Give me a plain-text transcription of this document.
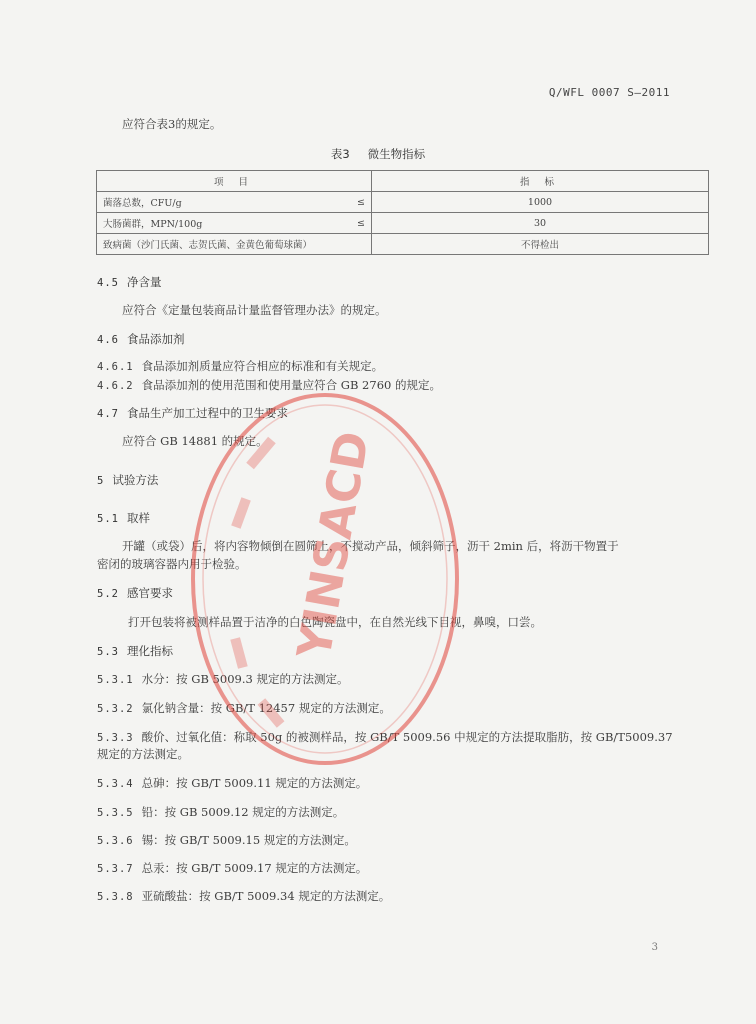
Q/WFL 0007 S—2011
应符合表3的规定。
表3 微生物指标
项 目	指 标

菌落总数，CFU/g ≤	1000

大肠菌群，MPN/100g ≤	30

致病菌（沙门氏菌、志贺氏菌、金黄色葡萄球菌）	不得检出
4.5 净含量
应符合《定量包装商品计量监督管理办法》的规定。
4.6 食品添加剂
4.6.1 食品添加剂质量应符合相应的标准和有关规定。
4.6.2 食品添加剂的使用范围和使用量应符合 GB 2760 的规定。
4.7 食品生产加工过程中的卫生要求
应符合 GB 14881 的规定。
5 试验方法
5.1 取样
开罐（或袋）后，将内容物倾倒在圆筛上，不搅动产品，倾斜筛子，沥干 2min 后，将沥干物置于
密闭的玻璃容器内用于检验。
5.2 感官要求
打开包装将被测样品置于洁净的白色陶瓷盘中，在自然光线下目视，鼻嗅，口尝。
5.3 理化指标
5.3.1 水分：按 GB 5009.3 规定的方法测定。
5.3.2 氯化钠含量：按 GB/T 12457 规定的方法测定。
5.3.3 酸价、过氧化值：称取 50g 的被测样品，按 GB/T 5009.56 中规定的方法提取脂肪，按 GB/T5009.37
规定的方法测定。
5.3.4 总砷：按 GB/T 5009.11 规定的方法测定。
5.3.5 铅：按 GB 5009.12 规定的方法测定。
5.3.6 锡：按 GB/T 5009.15 规定的方法测定。
5.3.7 总汞：按 GB/T 5009.17 规定的方法测定。
5.3.8 亚硫酸盐：按 GB/T 5009.34 规定的方法测定。
YINSACD
3
